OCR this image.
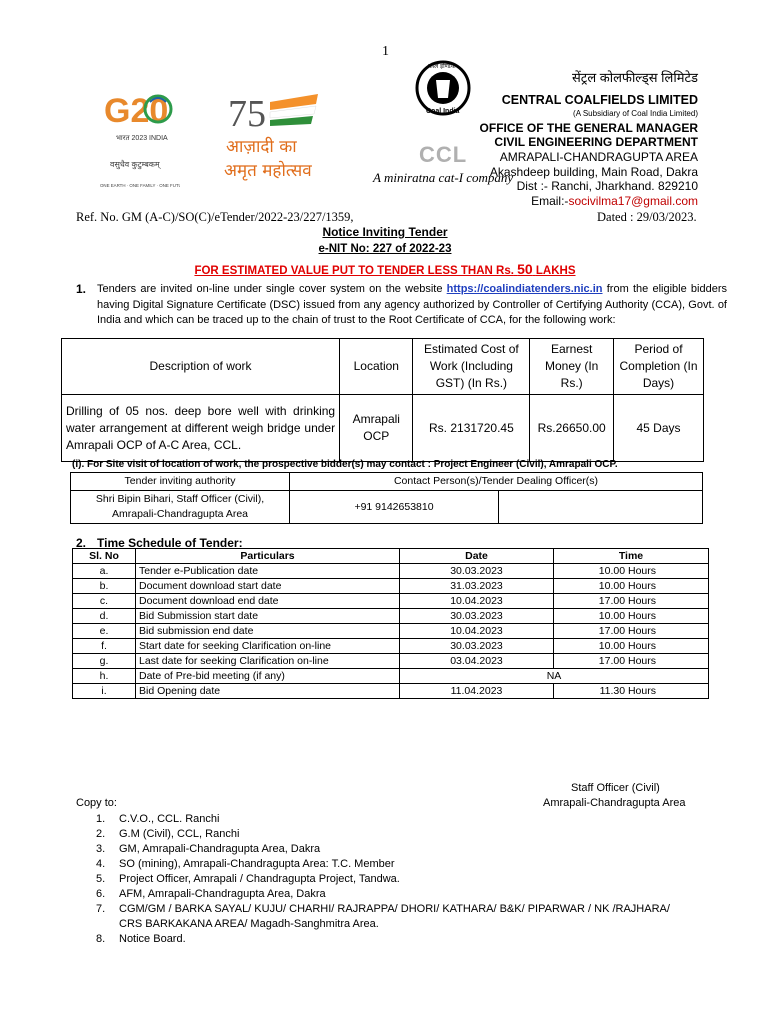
1
G20
भारत 2023 INDIA
वसुधैव कुटुम्बकम्
ONE EARTH · ONE FAMILY · ONE FUTURE
75
आज़ादी का
अमृत महोत्सव
कोल इण्डिया
Coal India
CCL
A miniratna cat-I company
सेंट्रल कोलफील्ड्स लिमिटेड
CENTRAL COALFIELDS LIMITED
(A Subsidiary of Coal India Limited)
OFFICE OF THE GENERAL MANAGER
CIVIL ENGINEERING DEPARTMENT
AMRAPALI-CHANDRAGUPTA AREA
Akashdeep building, Main Road, Dakra
Dist :- Ranchi, Jharkhand. 829210
Email:-socivilma17@gmail.com
Ref. No. GM (A-C)/SO(C)/eTender/2022-23/227/1359,	Dated : 29/03/2023.
Notice Inviting Tender
e-NIT No: 227 of 2022-23
FOR ESTIMATED VALUE PUT TO TENDER LESS THAN Rs. 50 LAKHS
1. Tenders are invited on-line under single cover system on the website https://coalindiatenders.nic.in from the eligible bidders having Digital Signature Certificate (DSC) issued from any agency authorized by Controller of Certifying Authority (CCA), Govt. of India and which can be traced up to the chain of trust to the Root Certificate of CCA, for the following work:
Description of work	Location	Estimated Cost of Work (Including GST) (In Rs.)	Earnest Money (In Rs.)	Period of Completion (In Days)
Drilling of 05 nos. deep bore well with drinking water arrangement at different weigh bridge under Amrapali OCP of A-C Area, CCL.	Amrapali OCP	Rs. 2131720.45	Rs.26650.00	45 Days
(i). For Site visit of location of work, the prospective bidder(s) may contact : Project Engineer (Civil), Amrapali OCP.
Tender inviting authority	Contact Person(s)/Tender Dealing Officer(s)	
Shri Bipin Bihari, Staff Officer (Civil), Amrapali-Chandragupta Area	+91 9142653810	
2. Time Schedule of Tender:
Sl. No	Particulars	Date	Time
a.	Tender e-Publication date	30.03.2023	10.00 Hours
b.	Document download start date	31.03.2023	10.00 Hours
c.	Document download end date	10.04.2023	17.00 Hours
d.	Bid Submission start date	30.03.2023	10.00 Hours
e.	Bid submission end date	10.04.2023	17.00 Hours
f.	Start date for seeking Clarification on-line	30.03.2023	10.00 Hours
g.	Last date for seeking Clarification on-line	03.04.2023	17.00 Hours
h.	Date of Pre-bid meeting (if any)	NA	
i.	Bid Opening date	11.04.2023	11.30 Hours
Staff Officer (Civil)
Amrapali-Chandragupta Area
Copy to:
1.	C.V.O., CCL. Ranchi
2.	G.M (Civil), CCL, Ranchi
3.	GM, Amrapali-Chandragupta Area, Dakra
4.	SO (mining), Amrapali-Chandragupta Area: T.C. Member
5.	Project Officer, Amrapali / Chandragupta Project, Tandwa.
6.	AFM, Amrapali-Chandragupta Area, Dakra
7.	CGM/GM / BARKA SAYAL/ KUJU/ CHARHI/ RAJRAPPA/ DHORI/ KATHARA/ B&K/ PIPARWAR / NK /RAJHARA/
CRS BARKAKANA AREA/ Magadh-Sanghmitra Area.
8.	Notice Board.
